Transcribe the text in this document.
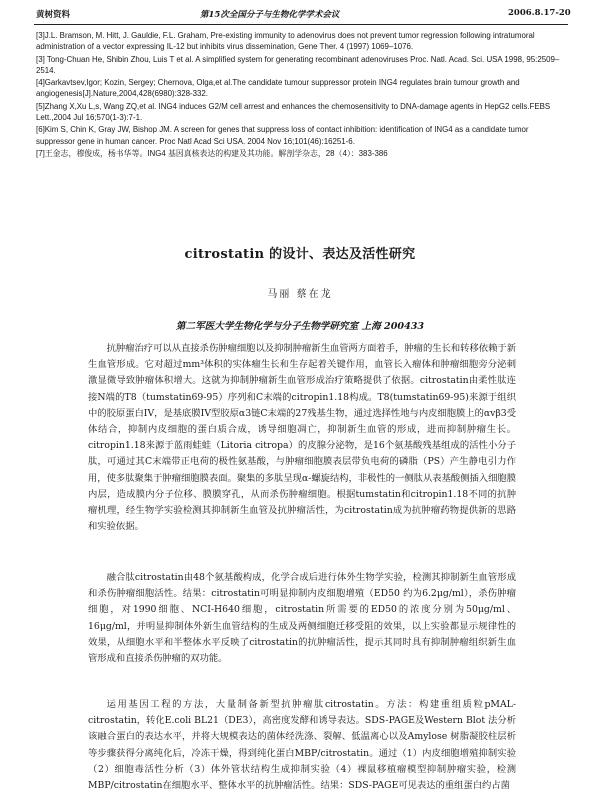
黄树资料	第15次全国分子与生物化学学术会议	2006.8.17-20

[3]J.L. Bramson, M. Hitt, J. Gauldie, F.L. Graham, Pre-existing immunity to adenovirus does not prevent tumor regression following intratumoral administration of a vector expressing IL-12 but inhibits virus dissemination, Gene Ther. 4 (1997) 1069–1076.

[3] Tong-Chuan He, Shibin Zhou, Luis T et al. A simplified system for generating recombinant adenoviruses Proc. Natl. Acad. Sci. USA 1998, 95:2509–2514.

[4]Garkavtsev,Igor; Kozin, Sergey; Chernova, Olga,et al.The candidate tumour suppressor protein ING4 regulates brain tumour growth and angiogenesis[J].Nature,2004,428(6980):328-332.

[5]Zhang X,Xu L,s, Wang ZQ,et al. ING4 induces G2/M cell arrest and enhances the chemosensitivity to DNA-damage agents in HepG2 cells.FEBS Lett.,2004 Jul 16;570(1-3):7-1.

[6]Kim S, Chin K, Gray JW, Bishop JM. A screen for genes that suppress loss of contact inhibition: identification of ING4 as a candidate tumor suppressor gene in human cancer. Proc Natl Acad Sci USA. 2004 Nov 16;101(46):16251-6.

[7]王金志，穆俊成，杨书华等。ING4 基因真核表达的构建及其功能。解剖学杂志，28（4）：383-386

citrostatin 的设计、表达及活性研究
马丽 蔡在龙
第二军医大学生物化学与分子生物学研究室 上海 200433

抗肿瘤治疗可以从直接杀伤肿瘤细胞以及抑制肿瘤新生血管两方面着手，肿瘤的生长和转移依赖于新生血管形成。它对超过mm³体积的实体瘤生长和生存起着关键作用，血管长入瘤体和肿瘤细胞旁分泌刺激显微导致肿瘤体积增大。这就为抑制肿瘤新生血管形成治疗策略提供了依据。citrostatin由柔性肽连接N端的T8（tumstatin69-95）序列和C末端的citropin1.18构成。T8(tumstatin69-95)来源于组织中的胶原蛋白IV，是基底膜IV型胶原α3链C末端的27残基生物，通过选择性地与内皮细胞膜上的αvβ3受体结合，抑制内皮细胞的蛋白质合成，诱导细胞凋亡，抑制新生血管的形成，进而抑制肿瘤生长。citropin1.18来源于蓝雨蛙蛙（Litoria citropa）的皮腺分泌物，是16个氨基酸残基组成的活性小分子肽，可通过其C末端带正电荷的极性氨基酸，与肿瘤细胞膜表层带负电荷的磷脂（PS）产生静电引力作用，使多肽聚集于肿瘤细胞膜表面。聚集的多肽呈现α-螺旋结构，非极性的一侧肽从表基酸侧插入细胞膜内层，造成膜内分子位移、膜膜穿孔，从而杀伤肿瘤细胞。根据tumstatin和citropin1.18不同的抗肿瘤机理，经生物学实验检测其抑制新生血管及抗肿瘤活性，为citrostatin成为抗肿瘤药物提供新的思路和实验依据。

融合肽citrostatin由48个氨基酸构成，化学合成后进行体外生物学实验，检测其抑制新生血管形成和杀伤肿瘤细胞活性。结果：citrostatin可明显抑制内皮细胞增殖（ED50 约为6.2μg/ml），杀伤肿瘤细胞，对1990细胞、NCI-H640细胞，citrostatin所需要的ED50的浓度分别为50μg/ml、16μg/ml，并明显抑制体外新生血管结构的生成及两侧细胞迁移受阻的效果，以上实验都显示规律性的效果，从细胞水平和半整体水平反映了citrostatin的抗肿瘤活性，提示其同时具有抑制肿瘤组织新生血管形成和直接杀伤肿瘤的双功能。

运用基因工程的方法，大量制备新型抗肿瘤肽citrostatin。方法：构建重组质粒pMAL-citrostatin，转化E.coli BL21（DE3），高密度发酵和诱导表达。SDS-PAGE及Western Blot 法分析该融合蛋白的表达水平，并将大规模表达的菌体经洗涤、裂解、低温离心以及Amylose 树脂凝胶柱层析等步骤获得分离纯化后，冷冻干燥，得到纯化蛋白MBP/citrostatin。通过（1）内皮细胞增殖抑制实验（2）细胞毒活性分析（3）体外管状结构生成抑制实验（4）裸鼠移植瘤模型抑制肿瘤实验，检测MBP/citrostatin在细胞水平、整体水平的抗肿瘤活性。结果：SDS-PAGE可见表达的重组蛋白约占菌
